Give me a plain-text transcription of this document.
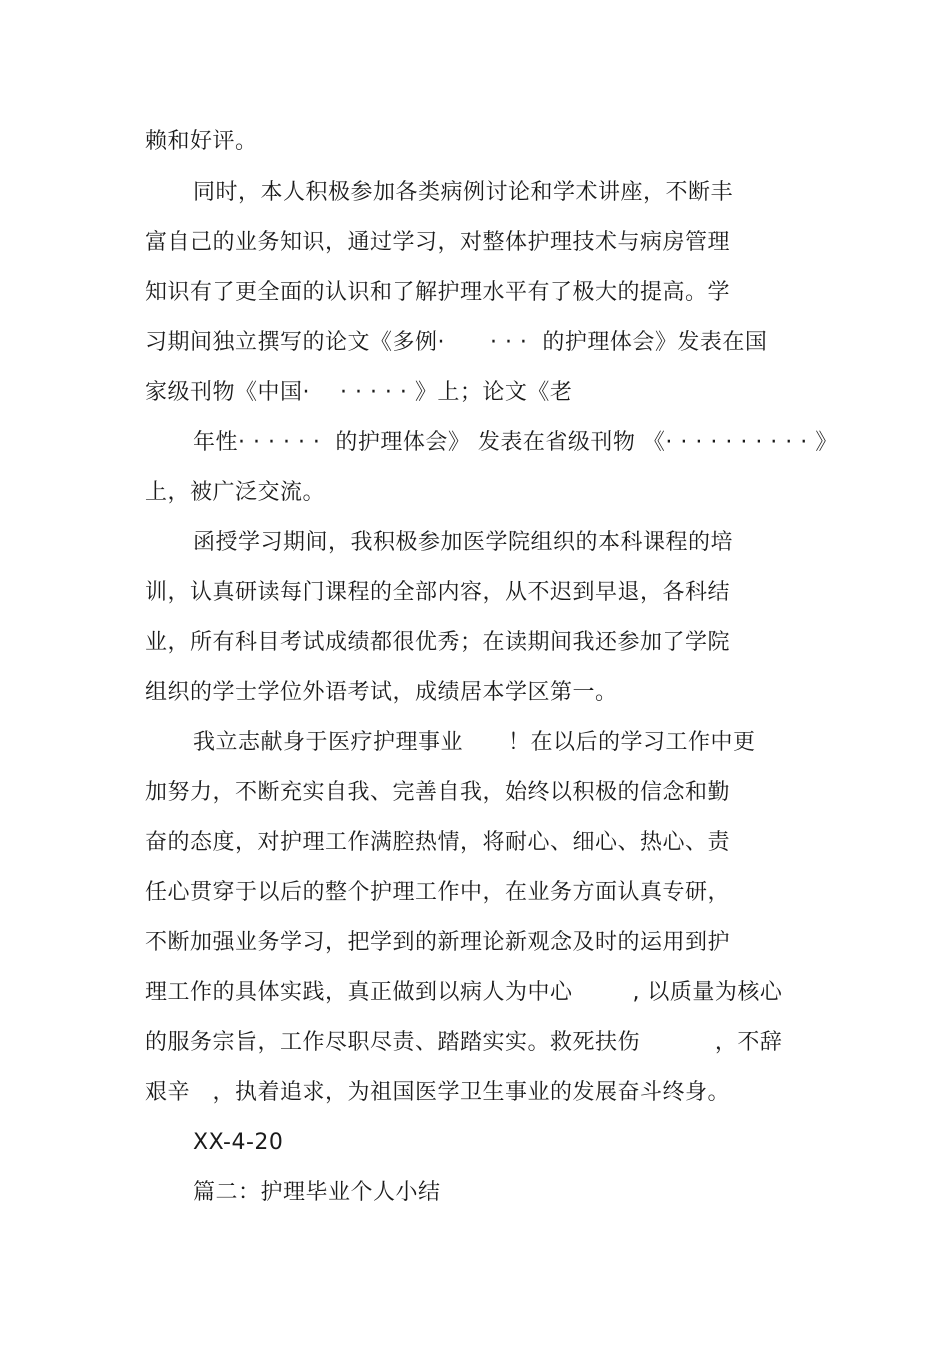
赖和好评。
同时，本人积极参加各类病例讨论和学术讲座，不断丰
富自己的业务知识，通过学习，对整体护理技术与病房管理
知识有了更全面的认识和了解护理水平有了极大的提高。学
习期间独立撰写的论文《多例·      · · ·  的护理体会》发表在国
家级刊物《中国·    · · · · · 》上；论文《老
年性· · · · · ·  的护理体会》 发表在省级刊物 《· · · · · · · · · · 》
上，被广泛交流。
函授学习期间，我积极参加医学院组织的本科课程的培
训，认真研读每门课程的全部内容，从不迟到早退，各科结
业，所有科目考试成绩都很优秀；在读期间我还参加了学院
组织的学士学位外语考试，成绩居本学区第一。
我立志献身于医疗护理事业      ！在以后的学习工作中更
加努力，不断充实自我、完善自我，始终以积极的信念和勤
奋的态度，对护理工作满腔热情，将耐心、细心、热心、责
任心贯穿于以后的整个护理工作中，在业务方面认真专研，
不断加强业务学习，把学到的新理论新观念及时的运用到护
理工作的具体实践，真正做到以病人为中心        , 以质量为核心
的服务宗旨，工作尽职尽责、踏踏实实。救死扶伤          ，不辞
艰辛   ，执着追求，为祖国医学卫生事业的发展奋斗终身。
XX-4-20
篇二：护理毕业个人小结
